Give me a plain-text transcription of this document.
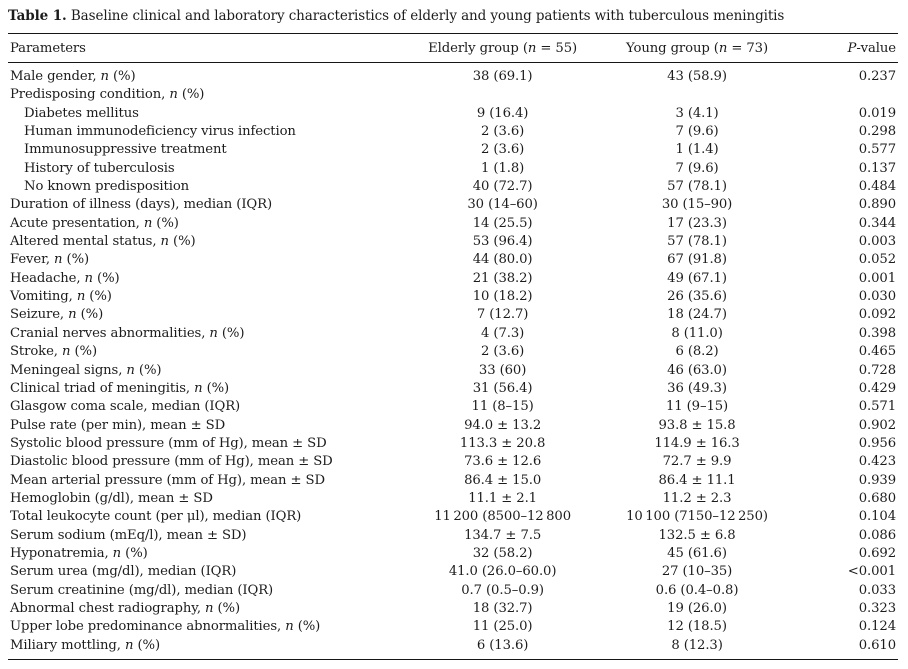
Table 1. Baseline clinical and laboratory characteristics of elderly and young patients with tuberculous meningitis
Parameters	Elderly group (n = 55)	Young group (n = 73)	P-value
Male gender, n (%)	38 (69.1)	43 (58.9)	0.237
Predisposing condition, n (%)			
Diabetes mellitus	9 (16.4)	3 (4.1)	0.019
Human immunodeficiency virus infection	2 (3.6)	7 (9.6)	0.298
Immunosuppressive treatment	2 (3.6)	1 (1.4)	0.577
History of tuberculosis	1 (1.8)	7 (9.6)	0.137
No known predisposition	40 (72.7)	57 (78.1)	0.484
Duration of illness (days), median (IQR)	30 (14–60)	30 (15–90)	0.890
Acute presentation, n (%)	14 (25.5)	17 (23.3)	0.344
Altered mental status, n (%)	53 (96.4)	57 (78.1)	0.003
Fever, n (%)	44 (80.0)	67 (91.8)	0.052
Headache, n (%)	21 (38.2)	49 (67.1)	0.001
Vomiting, n (%)	10 (18.2)	26 (35.6)	0.030
Seizure, n (%)	7 (12.7)	18 (24.7)	0.092
Cranial nerves abnormalities, n (%)	4 (7.3)	8 (11.0)	0.398
Stroke, n (%)	2 (3.6)	6 (8.2)	0.465
Meningeal signs, n (%)	33 (60)	46 (63.0)	0.728
Clinical triad of meningitis, n (%)	31 (56.4)	36 (49.3)	0.429
Glasgow coma scale, median (IQR)	11 (8–15)	11 (9–15)	0.571
Pulse rate (per min), mean ± SD	94.0 ± 13.2	93.8 ± 15.8	0.902
Systolic blood pressure (mm of Hg), mean ± SD	113.3 ± 20.8	114.9 ± 16.3	0.956
Diastolic blood pressure (mm of Hg), mean ± SD	73.6 ± 12.6	72.7 ± 9.9	0.423
Mean arterial pressure (mm of Hg), mean ± SD	86.4 ± 15.0	86.4 ± 11.1	0.939
Hemoglobin (g/dl), mean ± SD	11.1 ± 2.1	11.2 ± 2.3	0.680
Total leukocyte count (per μl), median (IQR)	11 200 (8500–12 800	10 100 (7150–12 250)	0.104
Serum sodium (mEq/l), mean ± SD)	134.7 ± 7.5	132.5 ± 6.8	0.086
Hyponatremia, n (%)	32 (58.2)	45 (61.6)	0.692
Serum urea (mg/dl), median (IQR)	41.0 (26.0–60.0)	27 (10–35)	<0.001
Serum creatinine (mg/dl), median (IQR)	0.7 (0.5–0.9)	0.6 (0.4–0.8)	0.033
Abnormal chest radiography, n (%)	18 (32.7)	19 (26.0)	0.323
Upper lobe predominance abnormalities, n (%)	11 (25.0)	12 (18.5)	0.124
Miliary mottling, n (%)	6 (13.6)	8 (12.3)	0.610
